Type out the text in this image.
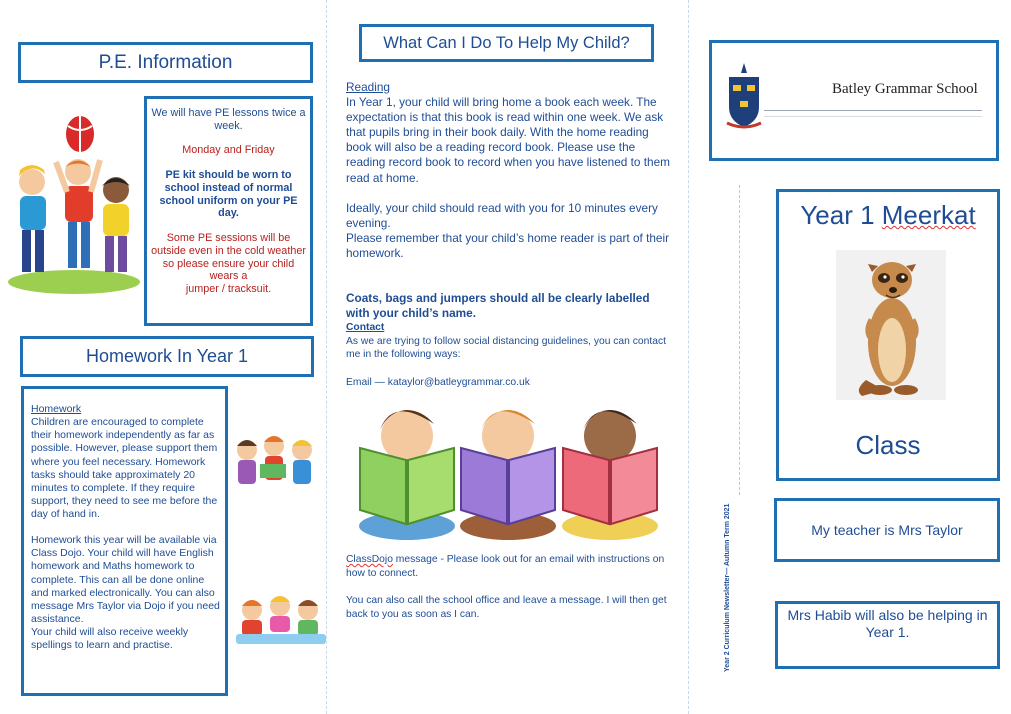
P.E. Information

We will have PE lessons twice a week.

Monday and Friday

PE kit should be worn to school instead of normal school uniform on your PE day.

Some PE sessions will be outside even in the cold weather so please ensure your child wears a
jumper / tracksuit.

Homework In Year 1
Homework
Children are encouraged to complete their homework independently as far as possible. However, please support them where you feel necessary. Homework tasks should take approximately 20 minutes to complete. If they require support, they need to see me before the day of hand in.
Homework this year will be available via Class Dojo. Your child will have English homework and Maths homework to complete. This can all be done online and marked electronically. You can also message Mrs Taylor via Dojo if you need assistance.
Your child will also receive weekly spellings to learn and practise.
What Can I Do To Help My Child?
Reading
In Year 1, your child will bring home a book each week. The expectation is that this book is read within one week. We ask that pupils bring in their book daily. With the home reading book will also be a reading record book. Please use the reading record book to record when you have listened to them read at home.
Ideally, your child should read with you for 10 minutes every evening.
Please remember that your child’s home reader is part of their homework.
Coats, bags and jumpers should all be clearly labelled with your child’s name.
Contact
As we are trying to follow social distancing guidelines, you can contact me in the following ways:
Email — kataylor@batleygrammar.co.uk
ClassDojo message - Please look out for an email with instructions on how to connect.
You can also call the school office and leave a message. I will then get back to you as soon as I can.
Batley Grammar School
Year 2 Curriculum Newsletter— Autumn Term 2021
Year 1 Meerkat
Class
My teacher is Mrs Taylor
Mrs Habib will also be helping in Year 1.
